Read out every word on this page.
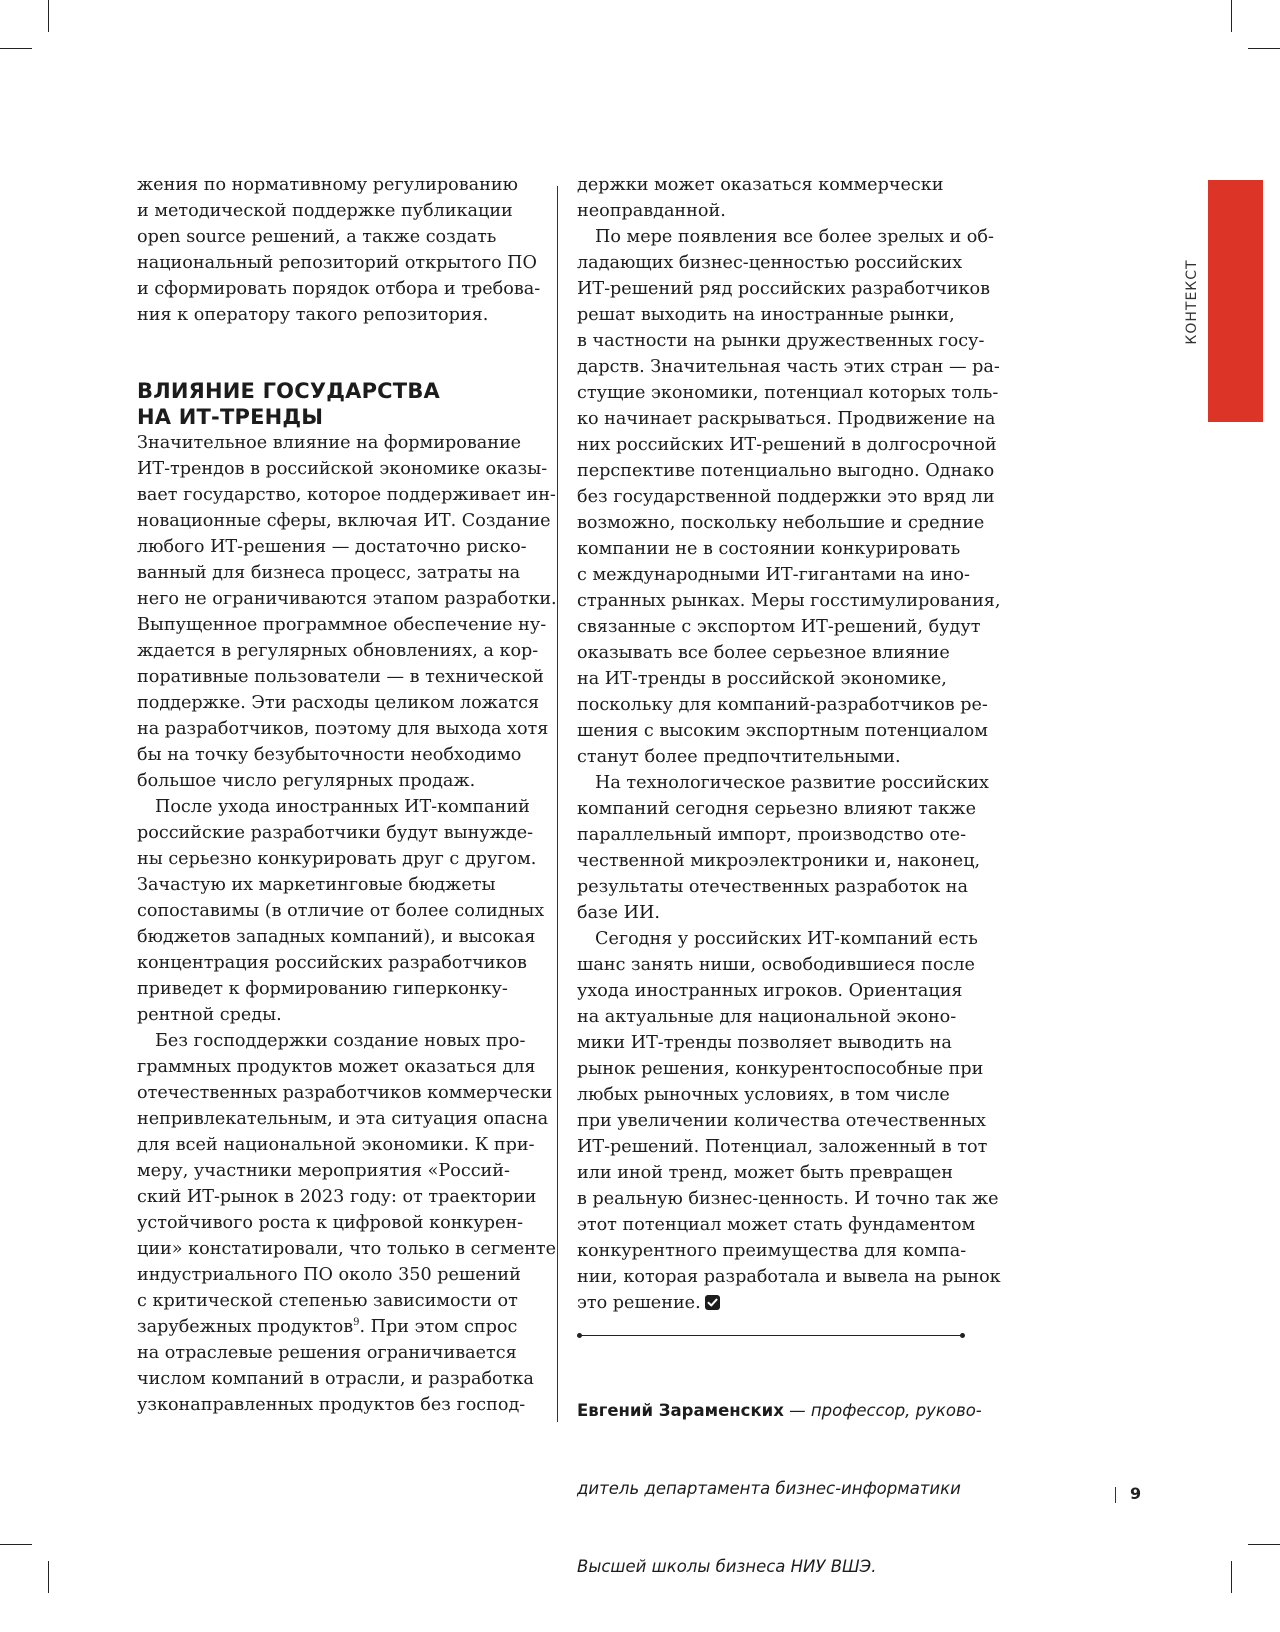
КОНТЕКСТ

жения по нормативному регулированию

и методической поддержке публикации

open source решений, а также создать

национальный репозиторий открытого ПО

и сформировать порядок отбора и требова-

ния к оператору такого репозитория.

ВЛИЯНИЕ ГОСУДАРСТВА
НА ИТ-ТРЕНДЫ

Значительное влияние на формирование

ИТ-трендов в российской экономике оказы-

вает государство, которое поддерживает ин-

новационные сферы, включая ИТ. Создание

любого ИТ-решения — достаточно риско-

ванный для бизнеса процесс, затраты на

него не ограничиваются этапом разработки.

Выпущенное программное обеспечение ну-

ждается в регулярных обновлениях, а кор-

поративные пользователи — в технической

поддержке. Эти расходы целиком ложатся

на разработчиков, поэтому для выхода хотя

бы на точку безубыточности необходимо

большое число регулярных продаж.

После ухода иностранных ИТ-компаний

российские разработчики будут вынужде-

ны серьезно конкурировать друг с другом.

Зачастую их маркетинговые бюджеты

сопоставимы (в отличие от более солидных

бюджетов западных компаний), и высокая

концентрация российских разработчиков

приведет к формированию гиперконку-

рентной среды.

Без господдержки создание новых про-

граммных продуктов может оказаться для

отечественных разработчиков коммерчески

непривлекательным, и эта ситуация опасна

для всей национальной экономики. К при-

меру, участники мероприятия «Россий-

ский ИТ-рынок в 2023 году: от траектории

устойчивого роста к цифровой конкурен-

ции» констатировали, что только в сегменте

индустриального ПО около 350 решений

с критической степенью зависимости от

зарубежных продуктов$^9$. При этом спрос

на отраслевые решения ограничивается

числом компаний в отрасли, и разработка

узконаправленных продуктов без господ-

держки может оказаться коммерчески

неоправданной.

По мере появления все более зрелых и об-

ладающих бизнес-ценностью российских

ИТ-решений ряд российских разработчиков

решат выходить на иностранные рынки,

в частности на рынки дружественных госу-

дарств. Значительная часть этих стран — ра-

стущие экономики, потенциал которых толь-

ко начинает раскрываться. Продвижение на

них российских ИТ-решений в долгосрочной

перспективе потенциально выгодно. Однако

без государственной поддержки это вряд ли

возможно, поскольку небольшие и средние

компании не в состоянии конкурировать

с международными ИТ-гигантами на ино-

странных рынках. Меры госстимулирования,

связанные с экспортом ИТ-решений, будут

оказывать все более серьезное влияние

на ИТ-тренды в российской экономике,

поскольку для компаний-разработчиков ре-

шения с высоким экспортным потенциалом

станут более предпочтительными.

На технологическое развитие российских

компаний сегодня серьезно влияют также

параллельный импорт, производство оте-

чественной микроэлектроники и, наконец,

результаты отечественных разработок на

базе ИИ.

Сегодня у российских ИТ-компаний есть

шанс занять ниши, освободившиеся после

ухода иностранных игроков. Ориентация

на актуальные для национальной эконо-

мики ИТ-тренды позволяет выводить на

рынок решения, конкурентоспособные при

любых рыночных условиях, в том числе

при увеличении количества отечественных

ИТ-решений. Потенциал, заложенный в тот

или иной тренд, может быть превращен

в реальную бизнес-ценность. И точно так же

этот потенциал может стать фундаментом

конкурентного преимущества для компа-

нии, которая разработала и вывела на рынок

это решение.

Евгений Зараменских — профессор, руково-

дитель департамента бизнес-информатики

Высшей школы бизнеса НИУ ВШЭ.

9
